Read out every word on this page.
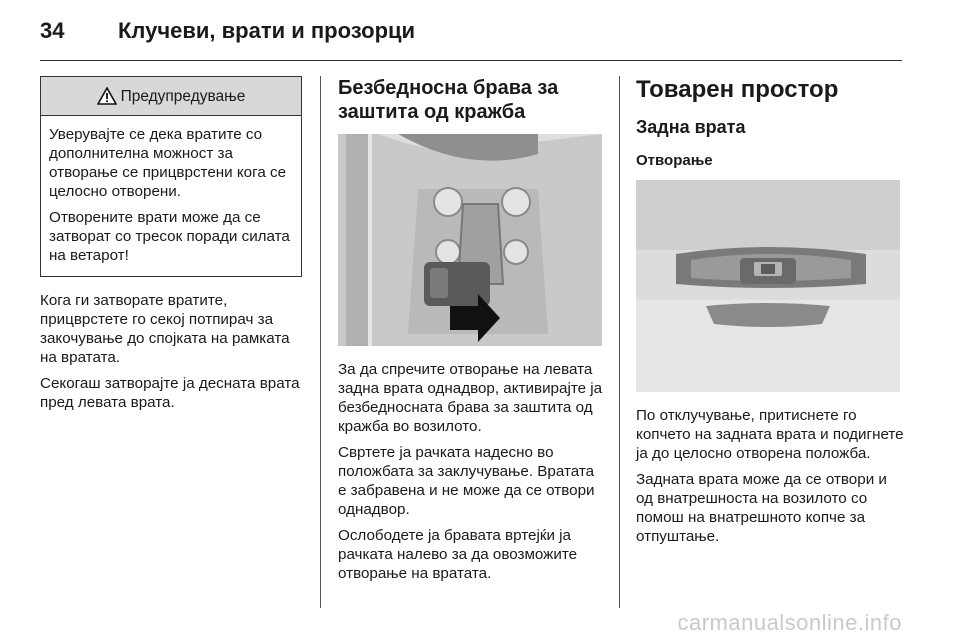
34	Клучеви, врати и прозорци
Предупредување

Уверувајте се дека вратите со дополнителна можност за отворање се прицврстени кога се целосно отворени.

Отворените врати може да се затворат со тресок поради силата на ветарот!

Кога ги затворате вратите, прицврстете го секој потпирач за закочување до спојката на рамката на вратата.

Секогаш затворајте ја десната врата пред левата врата.

Безбедносна брава за заштита од кражба

За да спречите отворање на левата задна врата однадвор, активирајте ја безбедносната брава за заштита од кражба во возилото.

Свртете ја рачката надесно во положбата за заклучување. Вратата е забравена и не може да се отвори однадвор.

Ослободете ја бравата вртејќи ја рачката налево за да овозможите отворање на вратата.

Товарен простор
Задна врата
Отворање

По отклучување, притиснете го копчето на задната врата и подигнете ја до целосно отворена положба.

Задната врата може да се отвори и од внатрешноста на возилото со помош на внатрешното копче за отпуштање.

carmanualsonline.info
